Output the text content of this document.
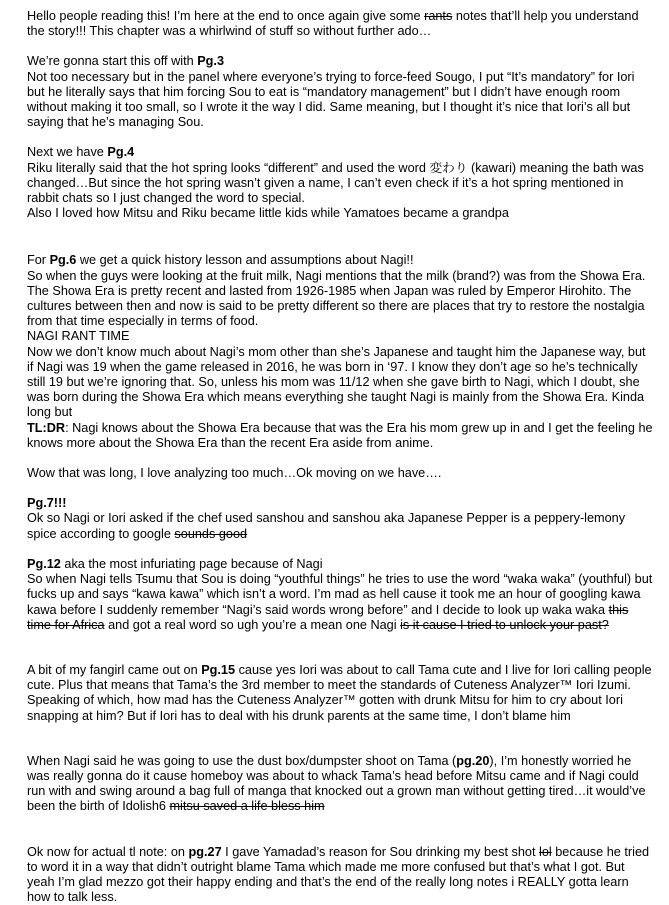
Hello people reading this! I’m here at the end to once again give some rants notes that’ll help you understand the story!!! This chapter was a whirlwind of stuff so without further ado…

We’re gonna start this off with Pg.3

Not too necessary but in the panel where everyone’s trying to force-feed Sougo, I put “It’s mandatory” for Iori but he literally says that him forcing Sou to eat is “mandatory management” but I didn’t have enough room without making it too small, so I wrote it the way I did. Same meaning, but I thought it’s nice that Iori’s all but saying that he’s managing Sou.

Next we have Pg.4

Riku literally said that the hot spring looks “different” and used the word 変わり (kawari) meaning the bath was changed…But since the hot spring wasn’t given a name, I can’t even check if it’s a hot spring mentioned in rabbit chats so I just changed the word to special.

Also I loved how Mitsu and Riku became little kids while Yamatoes became a grandpa

For Pg.6 we get a quick history lesson and assumptions about Nagi!!

So when the guys were looking at the fruit milk, Nagi mentions that the milk (brand?) was from the Showa Era. The Showa Era is pretty recent and lasted from 1926-1985 when Japan was ruled by Emperor Hirohito. The cultures between then and now is said to be pretty different so there are places that try to restore the nostalgia from that time especially in terms of food.

NAGI RANT TIME

Now we don’t know much about Nagi’s mom other than she’s Japanese and taught him the Japanese way, but if Nagi was 19 when the game released in 2016, he was born in ‘97. I know they don’t age so he’s technically still 19 but we’re ignoring that. So, unless his mom was 11/12 when she gave birth to Nagi, which I doubt, she was born during the Showa Era which means everything she taught Nagi is mainly from the Showa Era. Kinda long but

TL:DR: Nagi knows about the Showa Era because that was the Era his mom grew up in and I get the feeling he knows more about the Showa Era than the recent Era aside from anime.

Wow that was long, I love analyzing too much…Ok moving on we have….

Pg.7!!!

Ok so Nagi or Iori asked if the chef used sanshou and sanshou aka Japanese Pepper is a peppery-lemony spice according to google sounds good

Pg.12 aka the most infuriating page because of Nagi

So when Nagi tells Tsumu that Sou is doing “youthful things” he tries to use the word “waka waka” (youthful) but fucks up and says “kawa kawa” which isn’t a word. I’m mad as hell cause it took me an hour of googling kawa kawa before I suddenly remember “Nagi’s said words wrong before” and I decide to look up waka waka this time for Africa and got a real word so ugh you’re a mean one Nagi is it cause I tried to unlock your past?

A bit of my fangirl came out on Pg.15 cause yes Iori was about to call Tama cute and I live for Iori calling people cute. Plus that means that Tama’s the 3rd member to meet the standards of Cuteness Analyzer™ Iori Izumi. Speaking of which, how mad has the Cuteness Analyzer™ gotten with drunk Mitsu for him to cry about Iori snapping at him? But if Iori has to deal with his drunk parents at the same time, I don’t blame him

When Nagi said he was going to use the dust box/dumpster shoot on Tama (pg.20), I’m honestly worried he was really gonna do it cause homeboy was about to whack Tama’s head before Mitsu came and if Nagi could run with and swing around a bag full of manga that knocked out a grown man without getting tired…it would’ve been the birth of Idolish6 mitsu saved a life bless him

Ok now for actual tl note: on pg.27 I gave Yamadad’s reason for Sou drinking my best shot lol because he tried to word it in a way that didn’t outright blame Tama which made me more confused but that’s what I got. But yeah I’m glad mezzo got their happy ending and that’s the end of the really long notes i REALLY gotta learn how to talk less.
